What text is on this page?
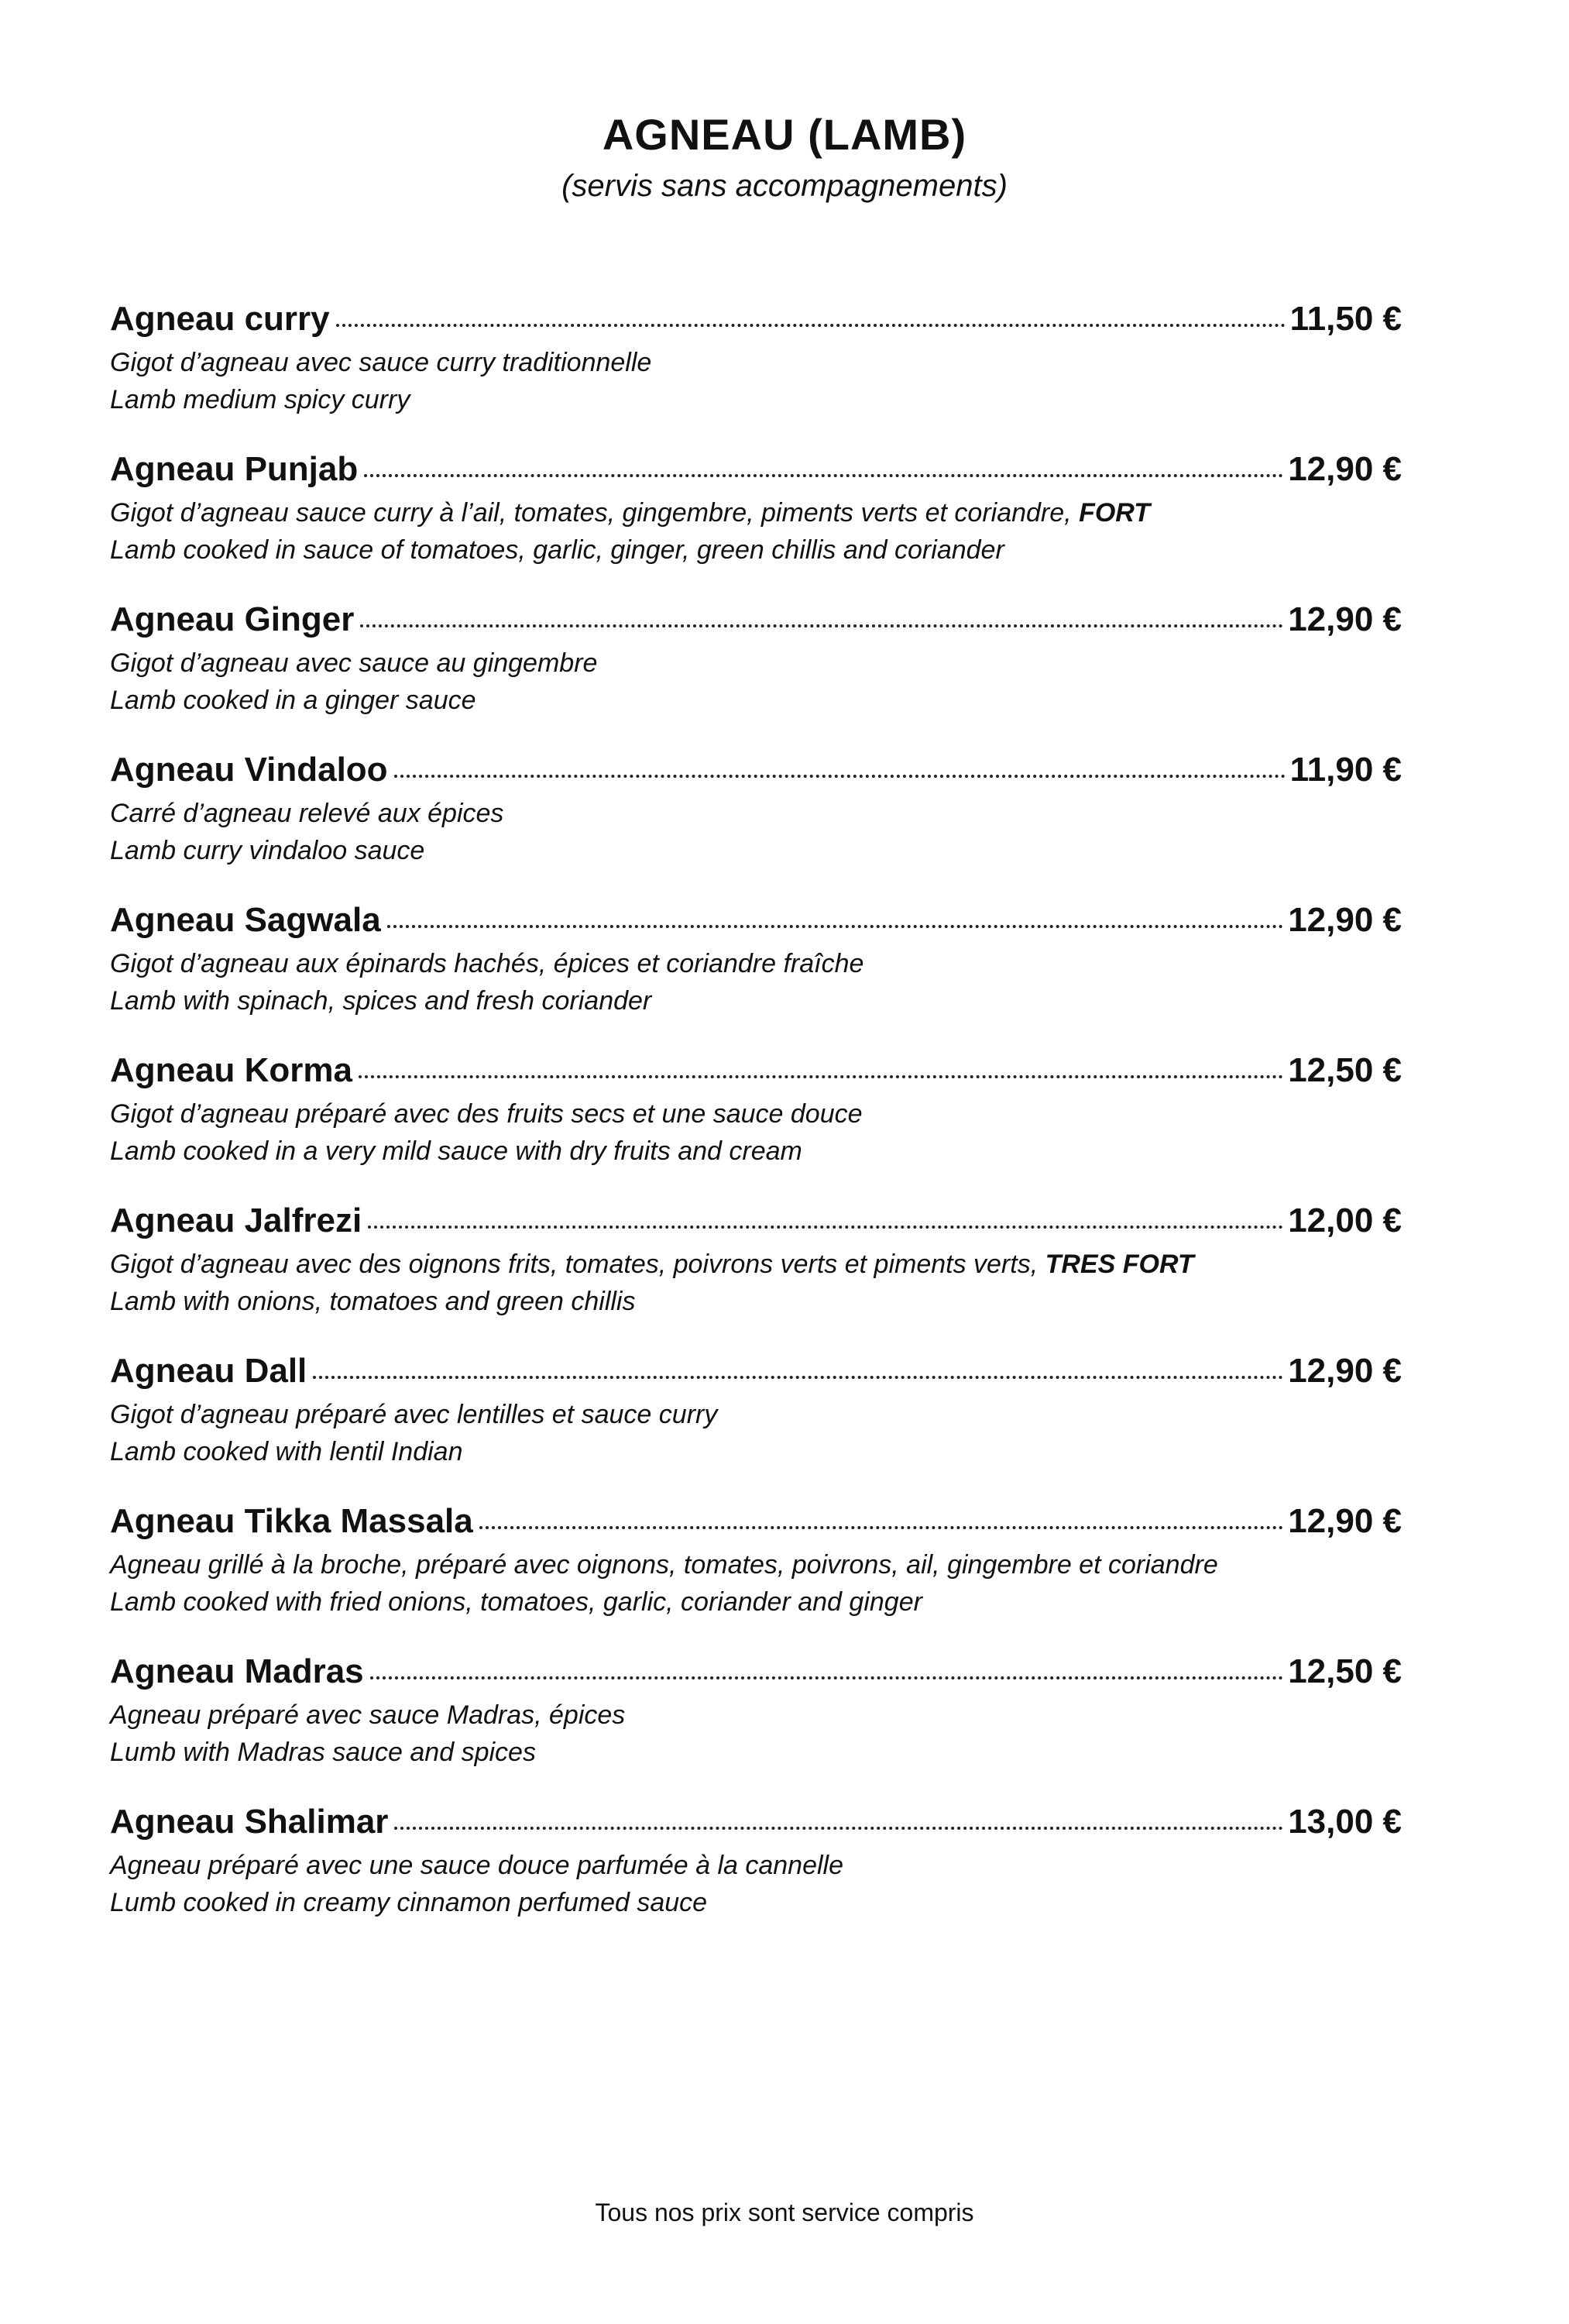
AGNEAU (LAMB)

(servis sans accompagnements)

Agneau curry	11,50 €

Gigot d’agneau avec sauce curry traditionnelle

Lamb medium spicy curry

Agneau Punjab	12,90 €

Gigot d’agneau sauce curry à l’ail, tomates, gingembre, piments verts et coriandre, FORT

Lamb cooked in sauce of tomatoes, garlic, ginger, green chillis and coriander

Agneau Ginger	12,90 €

Gigot d’agneau avec sauce au gingembre

Lamb cooked in a ginger sauce

Agneau Vindaloo	11,90 €

Carré d’agneau relevé aux épices

Lamb curry vindaloo sauce

Agneau Sagwala	12,90 €

Gigot d’agneau aux épinards hachés, épices et coriandre fraîche

Lamb with spinach, spices and fresh coriander

Agneau Korma	12,50 €

Gigot d’agneau préparé avec des fruits secs et une sauce douce

Lamb cooked in a very mild sauce with dry fruits and cream

Agneau Jalfrezi	12,00 €

Gigot d’agneau avec des oignons frits, tomates, poivrons verts et piments verts, TRES FORT

Lamb with onions, tomatoes and green chillis

Agneau Dall	12,90 €

Gigot d’agneau préparé avec lentilles et sauce curry

Lamb cooked with lentil Indian

Agneau Tikka Massala	12,90 €

Agneau grillé à la broche, préparé avec oignons, tomates, poivrons, ail, gingembre et coriandre

Lamb cooked with fried onions, tomatoes, garlic, coriander and ginger

Agneau Madras	12,50 €

Agneau préparé avec sauce Madras, épices

Lumb with Madras sauce and spices

Agneau Shalimar	13,00 €

Agneau préparé avec une sauce douce parfumée à la cannelle

Lumb cooked in creamy cinnamon perfumed sauce

Tous nos prix sont service compris
